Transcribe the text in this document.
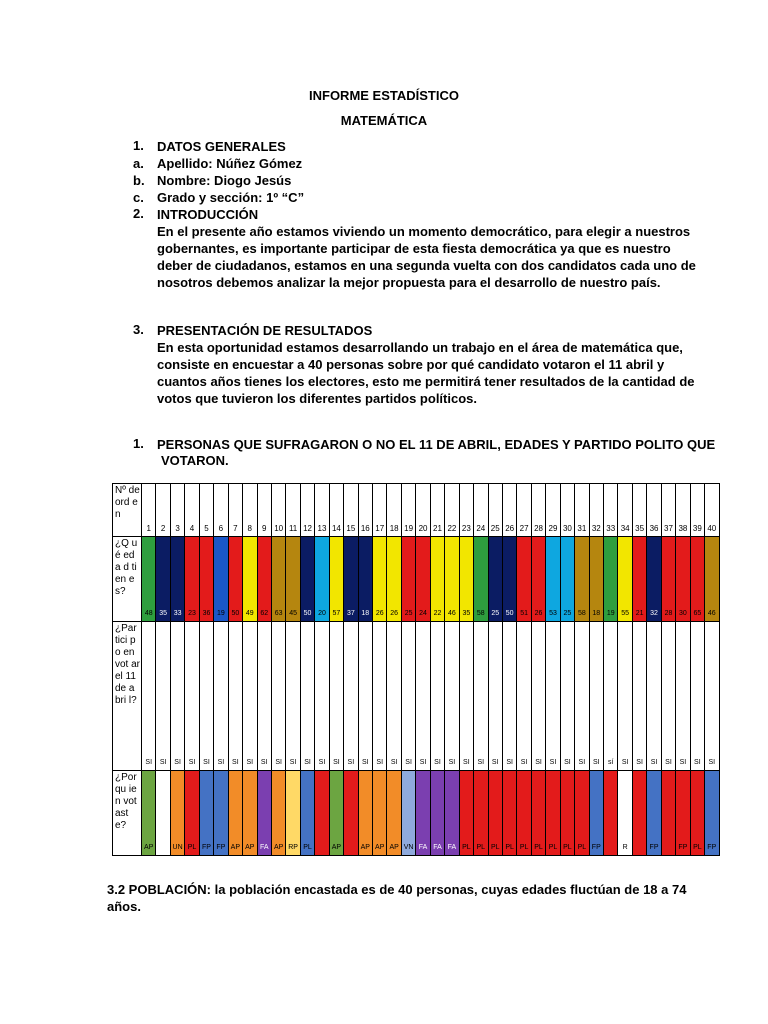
INFORME ESTADÍSTICO
MATEMÁTICA
1. DATOS GENERALES
a. Apellido: Núñez Gómez
b. Nombre: Diogo Jesús
c. Grado y sección: 1º “C”
2. INTRODUCCIÓN
En el presente año estamos viviendo un momento democrático, para elegir a nuestros
gobernantes, es importante participar de esta fiesta democrática ya que es nuestro
deber de ciudadanos, estamos en una segunda vuelta con dos candidatos cada uno de
nosotros debemos analizar la mejor propuesta para el desarrollo de nuestro país.
3. PRESENTACIÓN DE RESULTADOS
En esta oportunidad estamos desarrollando un trabajo en el área de matemática que,
consiste en encuestar a 40 personas sobre por qué candidato votaron el 11 abril y
cuantos años tienes los electores, esto me permitirá tener resultados de la cantidad de
votos que tuvieron los diferentes partidos políticos.
1. PERSONAS QUE SUFRAGARON O NO EL 11 DE ABRIL, EDADES Y PARTIDO POLITO QUE
VOTARON.
Nº de ord en	1	2	3	4	5	6	7	8	9	10	11	12	13	14	15	16	17	18	19	20	21	22	23	24	25	26	27	28	29	30	31	32	33	34	35	36	37	38	39	40

¿Q ué eda d tien es?	48	35	33	23	36	19	50	49	62	63	45	50	20	57	37	18	26	26	25	24	22	46	35	58	25	50	51	26	53	25	58	18	19	55	21	32	28	30	65	46

¿Par tici po en vot ar el 11 de abri l?	SI	SI	SI	SI	SI	SI	SI	SI	SI	SI	SI	SI	SI	SI	SI	SI	SI	SI	SI	SI	SI	SI	SI	SI	SI	SI	SI	SI	SI	SI	SI	SI	sí	SI	SI	SI	SI	SI	SI	SI

¿Por qu ien vot ast e?	AP		UN	PL	FP	FP	AP	AP	FA	AP	RP	PL		AP		AP	AP	AP	VN	FA	FA	FA	PL	PL	PL	PL	PL	PL	PL	PL	PL	FP		R		FP		FP	PL	FP
3.2 POBLACIÓN: la población encastada es de 40 personas, cuyas edades fluctúan de 18 a 74
años.
